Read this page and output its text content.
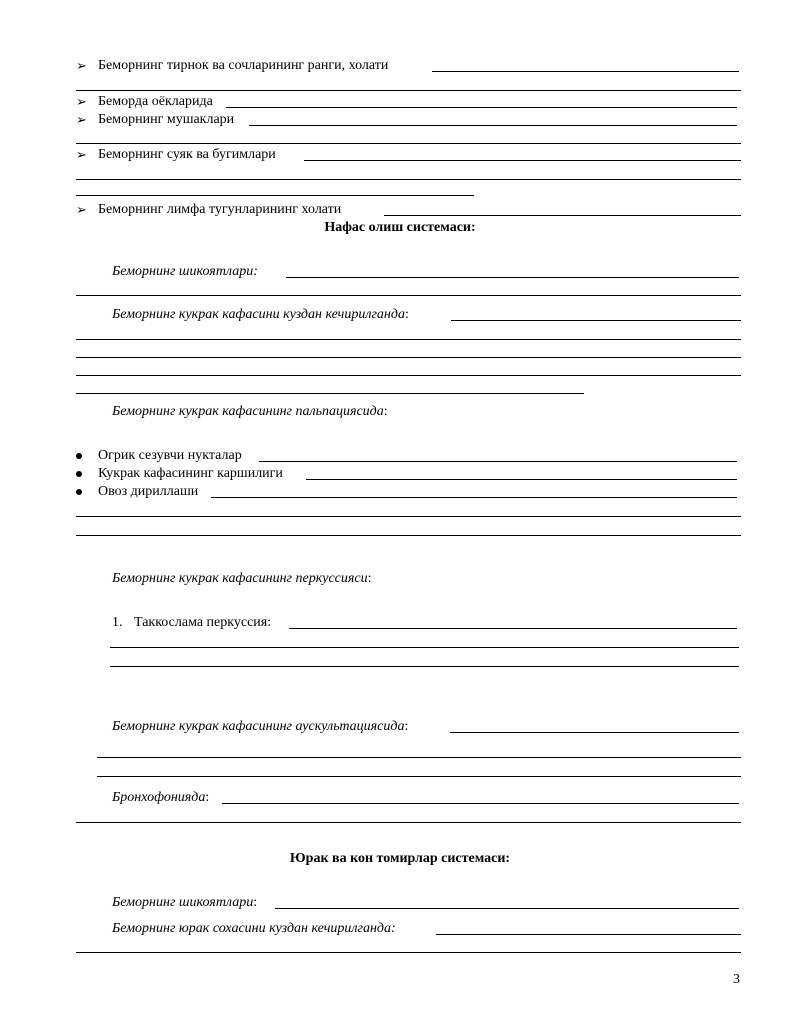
➢ Беморнинг тирнок ва сочларининг ранги, холати
➢ Беморда оёкларида
➢ Беморнинг мушаклари
➢ Беморнинг суяк ва бугимлари
➢ Беморнинг лимфа тугунларининг холати
Нафас олиш системаси:
Беморнинг шикоятлари:
Беморнинг кукрак кафасини куздан кечирилганда:
Беморнинг кукрак кафасининг пальпациясида:
Огрик сезувчи нукталар
Кукрак кафасининг каршилиги
Овоз дириллаши
Беморнинг кукрак кафасининг перкуссияси:
1. Таккослама перкуссия:
Беморнинг кукрак кафасининг аускультациясида:
Бронхофонияда:
Юрак ва кон томирлар системаси:
Беморнинг шикоятлари:
Беморнинг юрак сохасини куздан кечирилганда:
3
